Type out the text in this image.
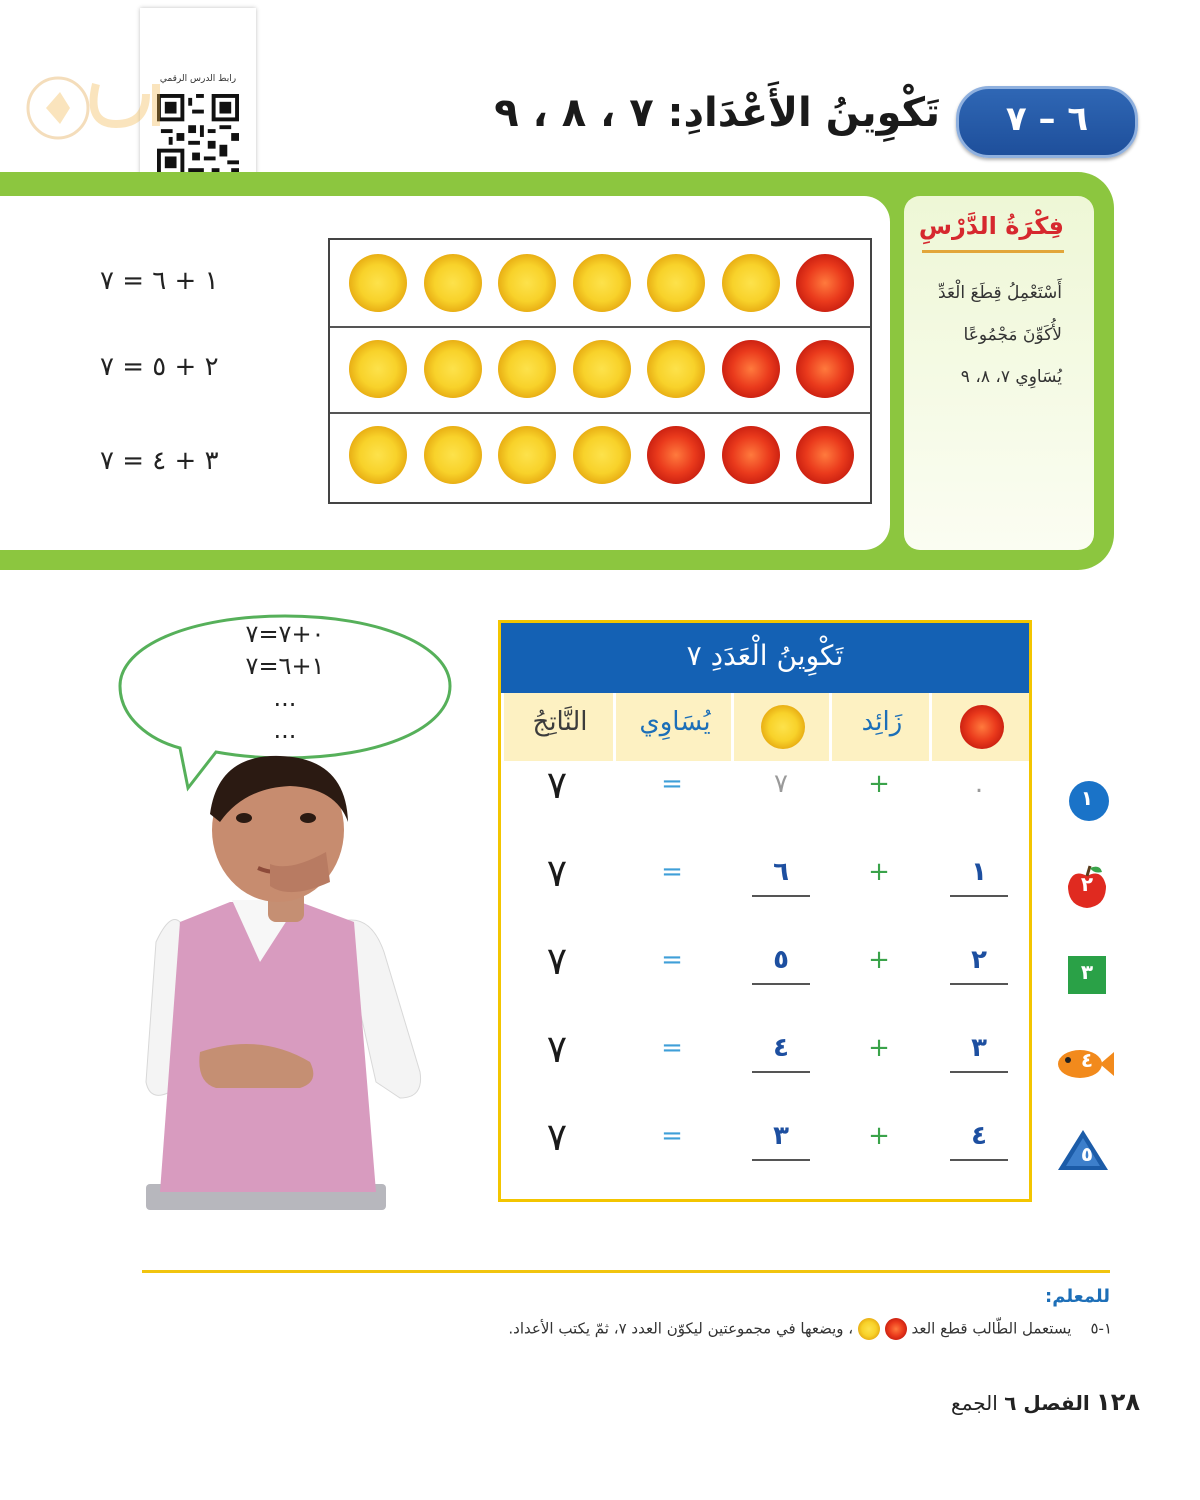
رابط الدرس الرقمي
٦ – ٧
تَكْوِينُ الأَعْدَادِ: ٧ ، ٨ ، ٩
فِكْرَةُ الدَّرْسِ
أَسْتَعْمِلُ قِطَعَ الْعَدِّ
لأُكَوِّنَ مَجْمُوعًا
يُسَاوِي ٧، ٨، ٩
١ + ٦ = ٧
٢ + ٥ = ٧
٣ + ٤ = ٧
٠+٧=٧
١+٦=٧
...
...
تَكْوِينُ الْعَدَدِ ٧
النَّاتِجُ	يُسَاوِي	زَائِد
.
+
٧
=
٧
١
+
٦
=
٧
٢
+
٥
=
٧
٣
+
٤
=
٧
٤
+
٣
=
٧
١
٢
٣
٤
٥
للمعلم:
١-٥    يستعمل الطّالب قطع العد   ، ويضعها في مجموعتين ليكوّن العدد ٧، ثمّ يكتب الأعداد.
١٢٨ الفصل ٦ الجمع
